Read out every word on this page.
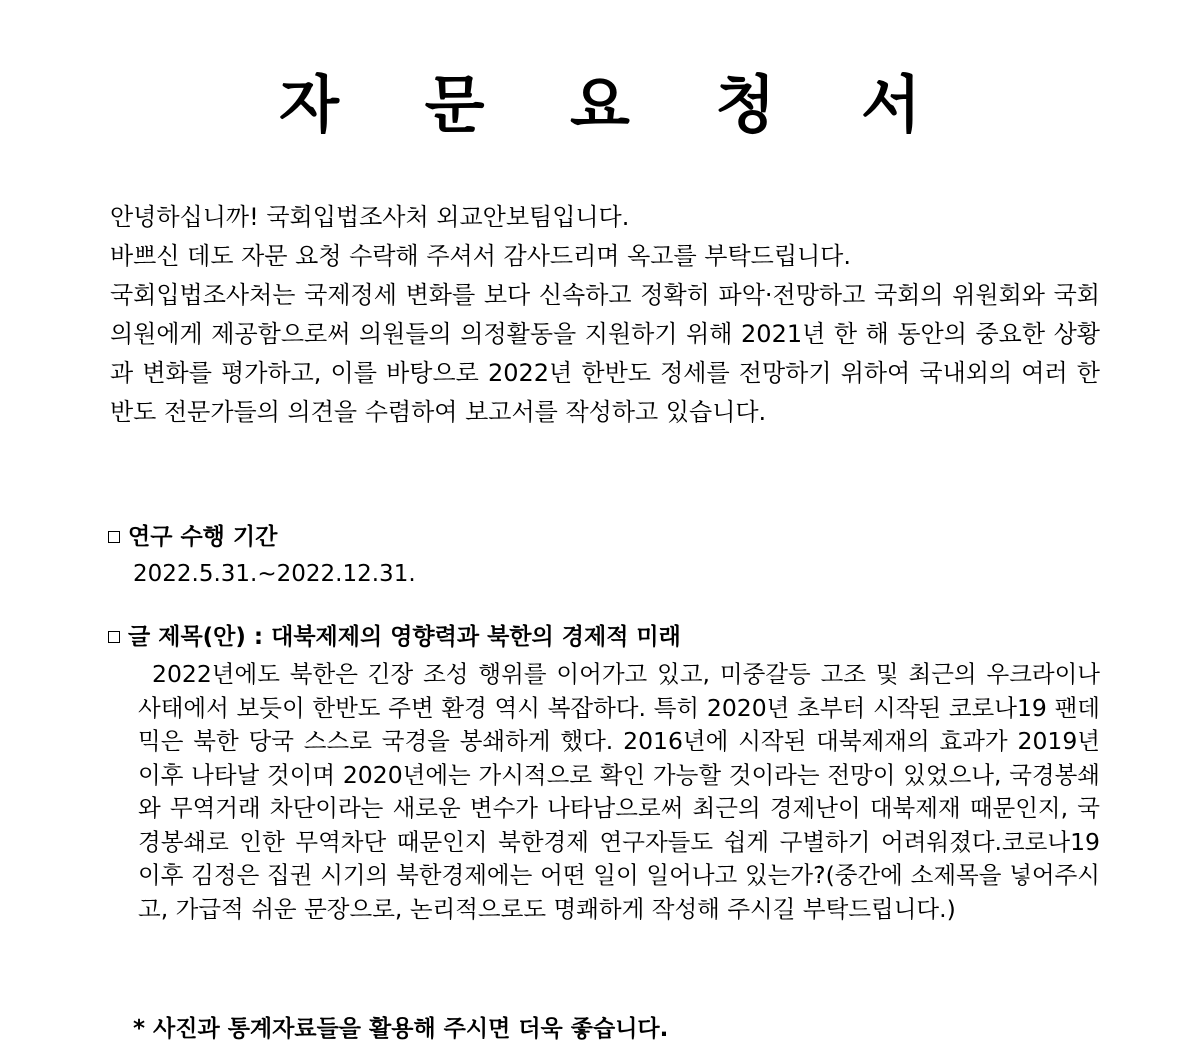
자 문 요 청 서

안녕하십니까! 국회입법조사처 외교안보팀입니다.

바쁘신 데도 자문 요청 수락해 주셔서 감사드리며 옥고를 부탁드립니다.

국회입법조사처는 국제정세 변화를 보다 신속하고 정확히 파악·전망하고 국회의 위원회와 국회의원에게 제공함으로써 의원들의 의정활동을 지원하기 위해 2021년 한 해 동안의 중요한 상황과 변화를 평가하고, 이를 바탕으로 2022년 한반도 정세를 전망하기 위하여 국내외의 여러 한반도 전문가들의 의견을 수렴하여 보고서를 작성하고 있습니다.

연구 수행 기간
2022.5.31.~2022.12.31.
글 제목(안) : 대북제제의 영향력과 북한의 경제적 미래

2022년에도 북한은 긴장 조성 행위를 이어가고 있고, 미중갈등 고조 및 최근의 우크라이나 사태에서 보듯이 한반도 주변 환경 역시 복잡하다. 특히 2020년 초부터 시작된 코로나19 팬데믹은 북한 당국 스스로 국경을 봉쇄하게 했다. 2016년에 시작된 대북제재의 효과가 2019년 이후 나타날 것이며 2020년에는 가시적으로 확인 가능할 것이라는 전망이 있었으나, 국경봉쇄와 무역거래 차단이라는 새로운 변수가 나타남으로써 최근의 경제난이 대북제재 때문인지, 국경봉쇄로 인한 무역차단 때문인지 북한경제 연구자들도 쉽게 구별하기 어려워졌다.코로나19 이후 김정은 집권 시기의 북한경제에는 어떤 일이 일어나고 있는가?(중간에 소제목을 넣어주시고, 가급적 쉬운 문장으로, 논리적으로도 명쾌하게 작성해 주시길 부탁드립니다.)

* 사진과 통계자료들을 활용해 주시면 더욱 좋습니다.
